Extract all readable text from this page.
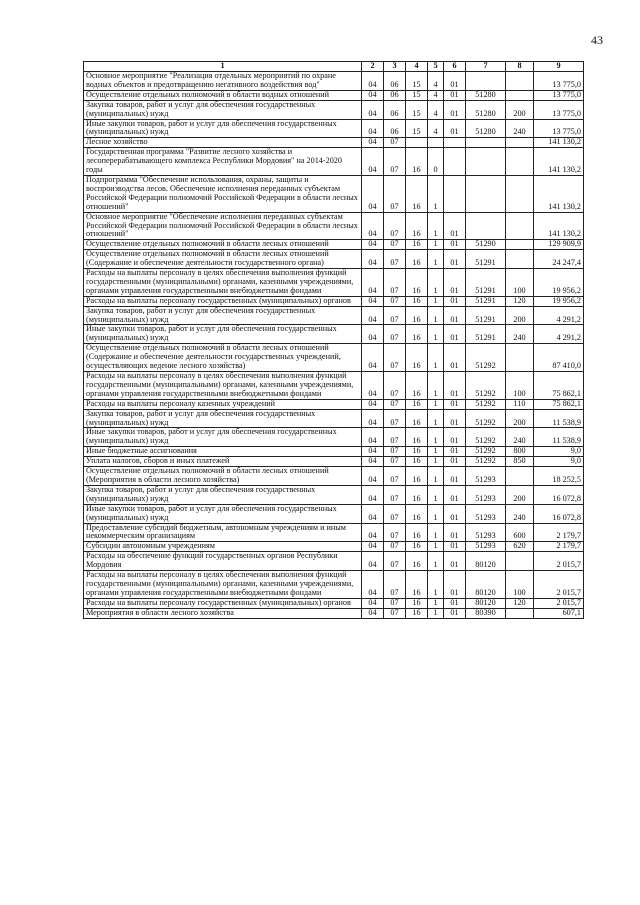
43
1	2	3	4	5	6	7	8	9
Основное мероприятие "Реализация отдельных мероприятий по охране водных объектов и предотвращению негативного воздействия вод"	04	06	15	4	01			13 775,0
Осуществление отдельных полномочий в области водных отношений	04	06	15	4	01	51280		13 775,0
Закупка товаров, работ и услуг для обеспечения государственных (муниципальных) нужд	04	06	15	4	01	51280	200	13 775,0
Иные закупки товаров, работ и услуг для обеспечения государственных (муниципальных) нужд	04	06	15	4	01	51280	240	13 775,0
Лесное хозяйство	04	07						141 130,2
Государственная программа "Развитие лесного хозяйства и лесоперерабатывающего комплекса Республики Мордовия" на 2014-2020 годы	04	07	16	0				141 130,2
Подпрограмма "Обеспечение использования, охраны, защиты и воспроизводства лесов. Обеспечение исполнения переданных субъектам Российской Федерации полномочий Российской Федерации в области лесных отношений"	04	07	16	1				141 130,2
Основное мероприятие "Обеспечение исполнения переданных субъектам Российской Федерации полномочий Российской Федерации в области лесных отношений"	04	07	16	1	01			141 130,2
Осуществление отдельных полномочий в области лесных отношений	04	07	16	1	01	51290		129 909,9
Осуществление отдельных полномочий в области лесных отношений (Содержание и обеспечение деятельности государственного органа)	04	07	16	1	01	51291		24 247,4
Расходы на выплаты персоналу в целях обеспечения выполнения функций государственными (муниципальными) органами, казенными учреждениями, органами управления государственными внебюджетными фондами	04	07	16	1	01	51291	100	19 956,2
Расходы на выплаты персоналу государственных (муниципальных) органов	04	07	16	1	01	51291	120	19 956,2
Закупка товаров, работ и услуг для обеспечения государственных (муниципальных) нужд	04	07	16	1	01	51291	200	4 291,2
Иные закупки товаров, работ и услуг для обеспечения государственных (муниципальных) нужд	04	07	16	1	01	51291	240	4 291,2
Осуществление отдельных полномочий в области лесных отношений (Содержание и обеспечение деятельности государственных учреждений, осуществляющих ведение лесного хозяйства)	04	07	16	1	01	51292		87 410,0
Расходы на выплаты персоналу в целях обеспечения выполнения функций государственными (муниципальными) органами, казенными учреждениями, органами управления государственными внебюджетными фондами	04	07	16	1	01	51292	100	75 862,1
Расходы на выплаты персоналу казенных учреждений	04	07	16	1	01	51292	110	75 862,1
Закупка товаров, работ и услуг для обеспечения государственных (муниципальных) нужд	04	07	16	1	01	51292	200	11 538,9
Иные закупки товаров, работ и услуг для обеспечения государственных (муниципальных) нужд	04	07	16	1	01	51292	240	11 538,9
Иные бюджетные ассигнования	04	07	16	1	01	51292	800	9,0
Уплата налогов, сборов и иных платежей	04	07	16	1	01	51292	850	9,0
Осуществление отдельных полномочий в области лесных отношений (Мероприятия в области лесного хозяйства)	04	07	16	1	01	51293		18 252,5
Закупка товаров, работ и услуг для обеспечения государственных (муниципальных) нужд	04	07	16	1	01	51293	200	16 072,8
Иные закупки товаров, работ и услуг для обеспечения государственных (муниципальных) нужд	04	07	16	1	01	51293	240	16 072,8
Предоставление субсидий бюджетным, автономным учреждениям и иным некоммерческим организациям	04	07	16	1	01	51293	600	2 179,7
Субсидии автономным учреждениям	04	07	16	1	01	51293	620	2 179,7
Расходы на обеспечение функций государственных органов Республики Мордовия	04	07	16	1	01	80120		2 015,7
Расходы на выплаты персоналу в целях обеспечения выполнения функций государственными (муниципальными) органами, казенными учреждениями, органами управления государственными внебюджетными фондами	04	07	16	1	01	80120	100	2 015,7
Расходы на выплаты персоналу государственных (муниципальных) органов	04	07	16	1	01	80120	120	2 015,7
Мероприятия в области лесного хозяйства	04	07	16	1	01	80390		607,1
